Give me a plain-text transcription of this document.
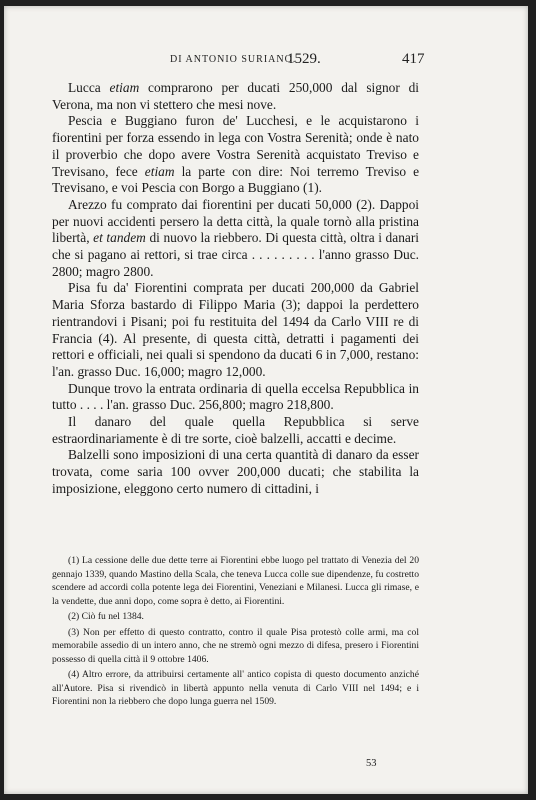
DI ANTONIO SURIANO.
1529.	417

Lucca etiam comprarono per ducati 250,000 dal signor di Verona, ma non vi stettero che mesi nove.

Pescia e Buggiano furon de' Lucchesi, e le acquistarono i fiorentini per forza essendo in lega con Vostra Serenità; onde è nato il proverbio che dopo avere Vostra Serenità acquistato Treviso e Trevisano, fece etiam la parte con dire: Noi terremo Treviso e Trevisano, e voi Pescia con Borgo a Buggiano (1).

Arezzo fu comprato dai fiorentini per ducati 50,000 (2). Dappoi per nuovi accidenti persero la detta città, la quale tornò alla pristina libertà, et tandem di nuovo la riebbero. Di questa città, oltra i danari che si pagano ai rettori, si trae circa . . . . . . . . . l'anno grasso Duc. 2800; magro 2800.

Pisa fu da' Fiorentini comprata per ducati 200,000 da Gabriel Maria Sforza bastardo di Filippo Maria (3); dappoi la perdettero rientrandovi i Pisani; poi fu restituita del 1494 da Carlo VIII re di Francia (4). Al presente, di questa città, detratti i pagamenti dei rettori e officiali, nei quali si spendono da ducati 6 in 7,000, restano: l'an. grasso Duc. 16,000; magro 12,000.

Dunque trovo la entrata ordinaria di quella eccelsa Repubblica in tutto . . . . l'an. grasso Duc. 256,800; magro 218,800.

Il danaro del quale quella Repubblica si serve estraordinariamente è di tre sorte, cioè balzelli, accatti e decime.

Balzelli sono imposizioni di una certa quantità di danaro da esser trovata, come saria 100 ovver 200,000 ducati; che stabilita la imposizione, eleggono certo numero di cittadini, i

(1) La cessione delle due dette terre ai Fiorentini ebbe luogo pel trattato di Venezia del 20 gennajo 1339, quando Mastino della Scala, che teneva Lucca colle sue dipendenze, fu costretto scendere ad accordi colla potente lega dei Fiorentini, Veneziani e Milanesi. Lucca gli rimase, e la vendette, due anni dopo, come sopra è detto, ai Fiorentini.

(2) Ciò fu nel 1384.

(3) Non per effetto di questo contratto, contro il quale Pisa protestò colle armi, ma col memorabile assedio di un intero anno, che ne stremò ogni mezzo di difesa, presero i Fiorentini possesso di quella città il 9 ottobre 1406.

(4) Altro errore, da attribuirsi certamente all' antico copista di questo documento anziché all'Autore. Pisa si rivendicò in libertà appunto nella venuta di Carlo VIII nel 1494; e i Fiorentini non la riebbero che dopo lunga guerra nel 1509.

53
